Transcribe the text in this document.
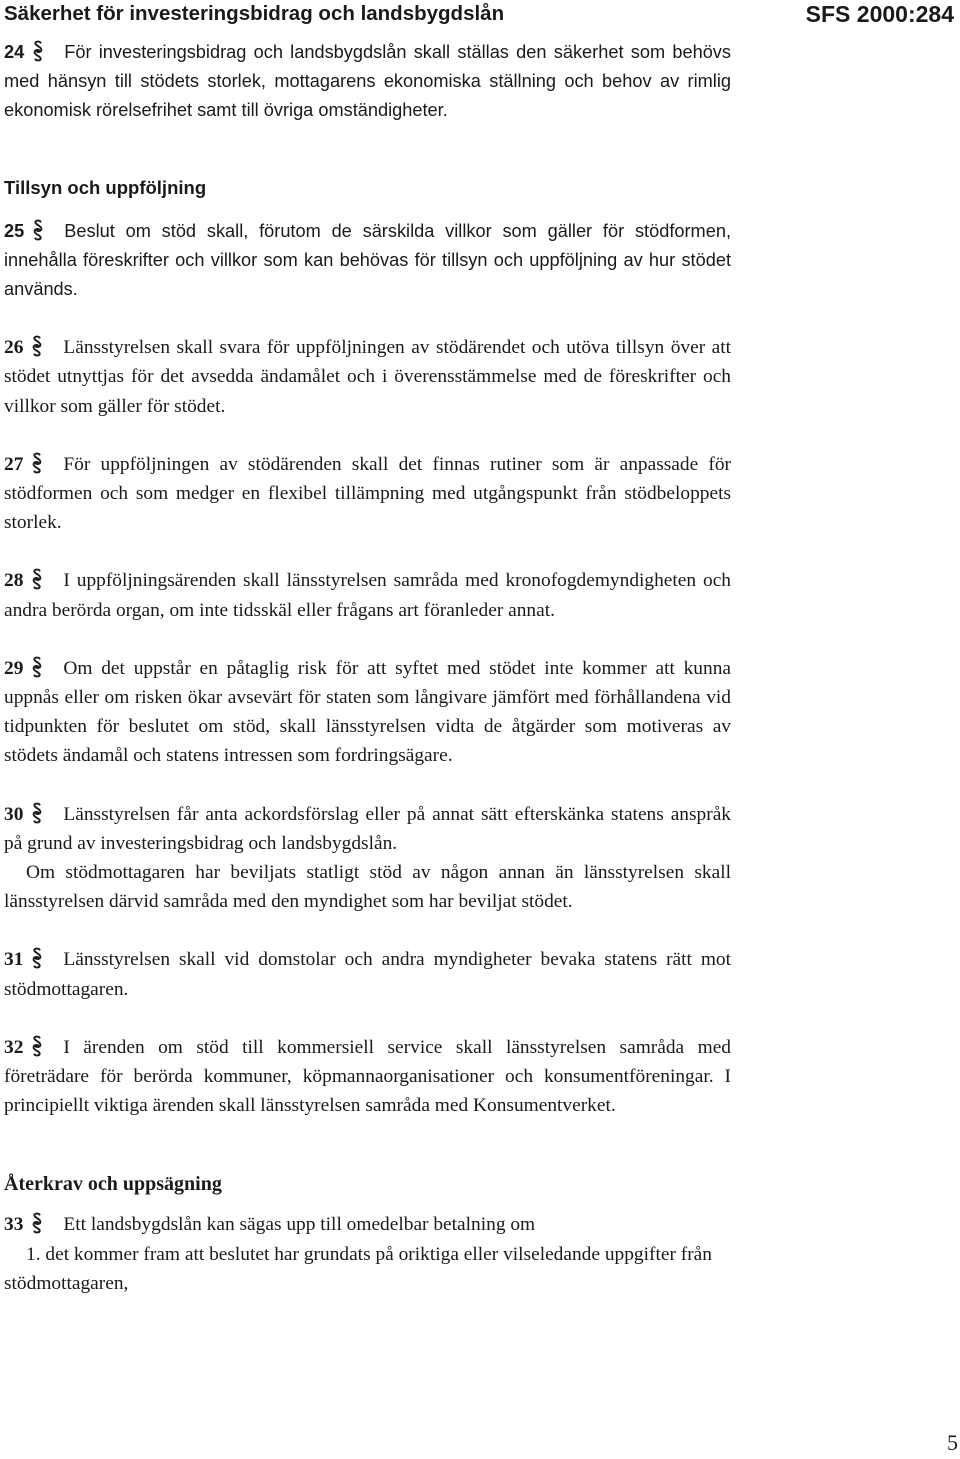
Säkerhet för investeringsbidrag och landsbygdslån	SFS 2000:284

24 För investeringsbidrag och landsbygdslån skall ställas den säkerhet som behövs med hänsyn till stödets storlek, mottagarens ekonomiska ställning och behov av rimlig ekonomisk rörelsefrihet samt till övriga omständigheter.

Tillsyn och uppföljning

25 Beslut om stöd skall, förutom de särskilda villkor som gäller för stödformen, innehålla föreskrifter och villkor som kan behövas för tillsyn och uppföljning av hur stödet används.

26 Länsstyrelsen skall svara för uppföljningen av stödärendet och utöva tillsyn över att stödet utnyttjas för det avsedda ändamålet och i överensstämmelse med de föreskrifter och villkor som gäller för stödet.

27 För uppföljningen av stödärenden skall det finnas rutiner som är anpassade för stödformen och som medger en flexibel tillämpning med utgångspunkt från stödbeloppets storlek.

28 I uppföljningsärenden skall länsstyrelsen samråda med kronofogdemyndigheten och andra berörda organ, om inte tidsskäl eller frågans art föranleder annat.

29 Om det uppstår en påtaglig risk för att syftet med stödet inte kommer att kunna uppnås eller om risken ökar avsevärt för staten som långivare jämfört med förhållandena vid tidpunkten för beslutet om stöd, skall länsstyrelsen vidta de åtgärder som motiveras av stödets ändamål och statens intressen som fordringsägare.

30 Länsstyrelsen får anta ackordsförslag eller på annat sätt efterskänka statens anspråk på grund av investeringsbidrag och landsbygdslån.

Om stödmottagaren har beviljats statligt stöd av någon annan än länsstyrelsen skall länsstyrelsen därvid samråda med den myndighet som har beviljat stödet.

31 Länsstyrelsen skall vid domstolar och andra myndigheter bevaka statens rätt mot stödmottagaren.

32 I ärenden om stöd till kommersiell service skall länsstyrelsen samråda med företrädare för berörda kommuner, köpmannaorganisationer och konsumentföreningar. I principiellt viktiga ärenden skall länsstyrelsen samråda med Konsumentverket.

Återkrav och uppsägning

33 Ett landsbygdslån kan sägas upp till omedelbar betalning om

1. det kommer fram att beslutet har grundats på oriktiga eller vilseledande uppgifter från stödmottagaren,

5
